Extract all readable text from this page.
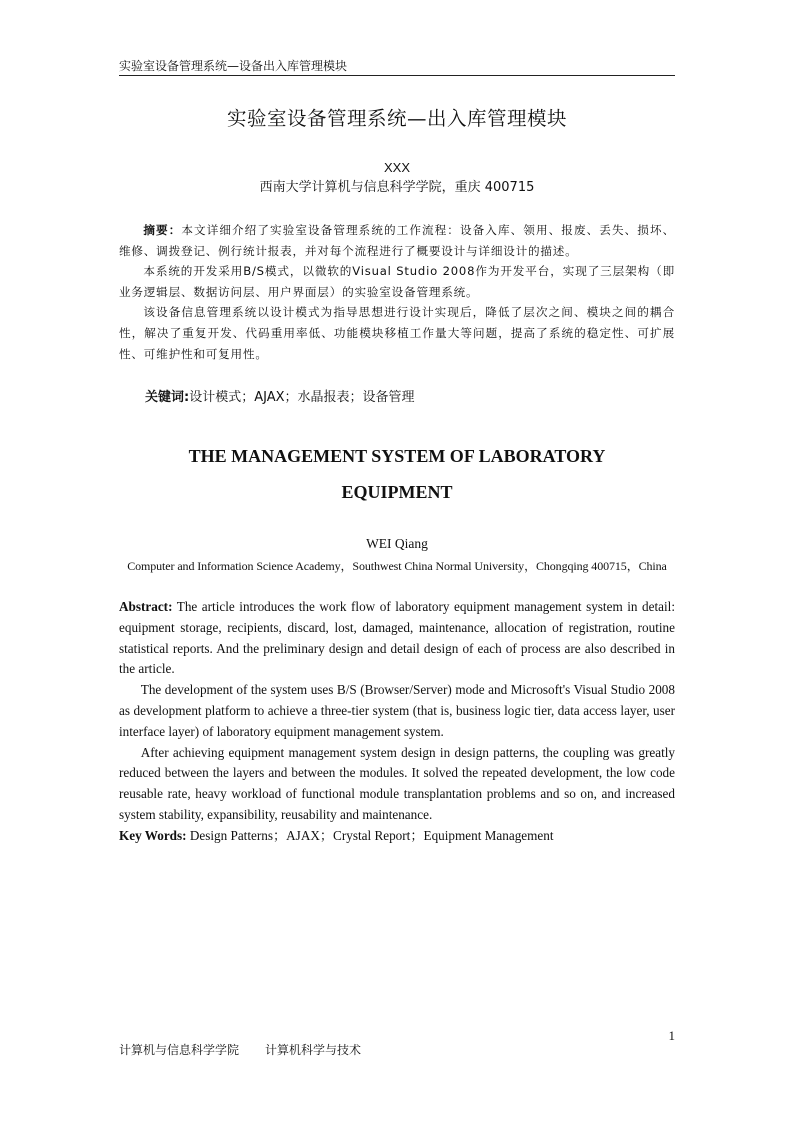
实验室设备管理系统—设备出入库管理模块
实验室设备管理系统—出入库管理模块
XXX
西南大学计算机与信息科学学院，重庆 400715

摘要：本文详细介绍了实验室设备管理系统的工作流程：设备入库、领用、报废、丢失、损坏、维修、调拨登记、例行统计报表，并对每个流程进行了概要设计与详细设计的描述。

本系统的开发采用B/S模式，以微软的Visual Studio 2008作为开发平台，实现了三层架构（即业务逻辑层、数据访问层、用户界面层）的实验室设备管理系统。

该设备信息管理系统以设计模式为指导思想进行设计实现后，降低了层次之间、模块之间的耦合性，解决了重复开发、代码重用率低、功能模块移植工作量大等问题，提高了系统的稳定性、可扩展性、可维护性和可复用性。

关键词:设计模式；AJAX；水晶报表；设备管理
THE MANAGEMENT SYSTEM OF LABORATORY
EQUIPMENT
WEI Qiang
Computer and Information Science Academy，Southwest China Normal University，Chongqing 400715，China

Abstract: The article introduces the work flow of laboratory equipment management system in detail: equipment storage, recipients, discard, lost, damaged, maintenance, allocation of registration, routine statistical reports. And the preliminary design and detail design of each of process are also described in the article.

The development of the system uses B/S (Browser/Server) mode and Microsoft's Visual Studio 2008 as development platform to achieve a three-tier system (that is, business logic tier, data access layer, user interface layer) of laboratory equipment management system.

After achieving equipment management system design in design patterns, the coupling was greatly reduced between the layers and between the modules. It solved the repeated development, the low code reusable rate, heavy workload of functional module transplantation problems and so on, and increased system stability, expansibility, reusability and maintenance.

Key Words: Design Patterns；AJAX；Crystal Report；Equipment Management
1
计算机与信息科学学院 计算机科学与技术
